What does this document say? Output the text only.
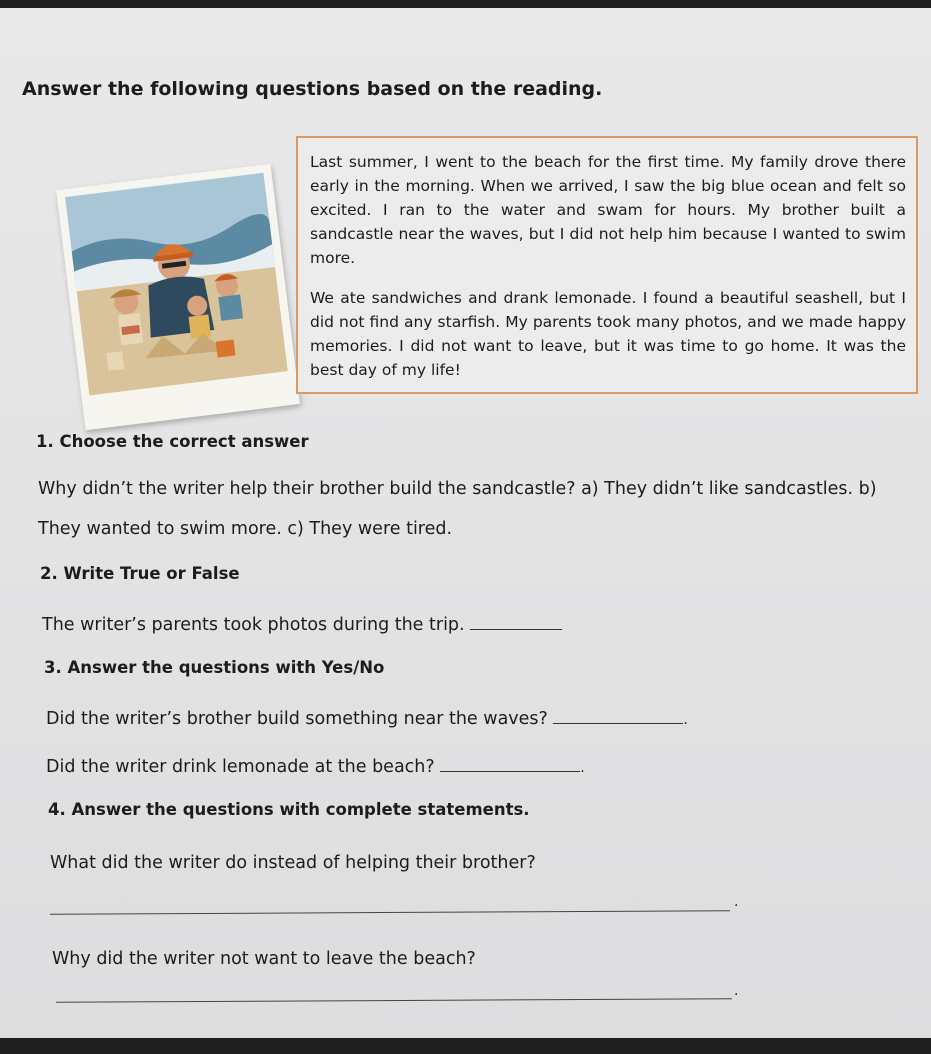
Answer the following questions based on the reading.

Last summer, I went to the beach for the first time. My family drove there early in the morning. When we arrived, I saw the big blue ocean and felt so excited. I ran to the water and swam for hours. My brother built a sandcastle near the waves, but I did not help him because I wanted to swim more.

We ate sandwiches and drank lemonade. I found a beautiful seashell, but I did not find any starfish. My parents took many photos, and we made happy memories. I did not want to leave, but it was time to go home. It was the best day of my life!

1. Choose the correct answer

Why didn’t the writer help their brother build the sandcastle? a) They didn’t like sandcastles. b)

They wanted to swim more. c) They were tired.

2. Write True or False

The writer’s parents took photos during the trip.

3. Answer the questions with Yes/No

Did the writer’s brother build something near the waves?	.

Did the writer drink lemonade at the beach?	.

4. Answer the questions with complete statements.

What did the writer do instead of helping their brother?

.

Why did the writer not want to leave the beach?

.
